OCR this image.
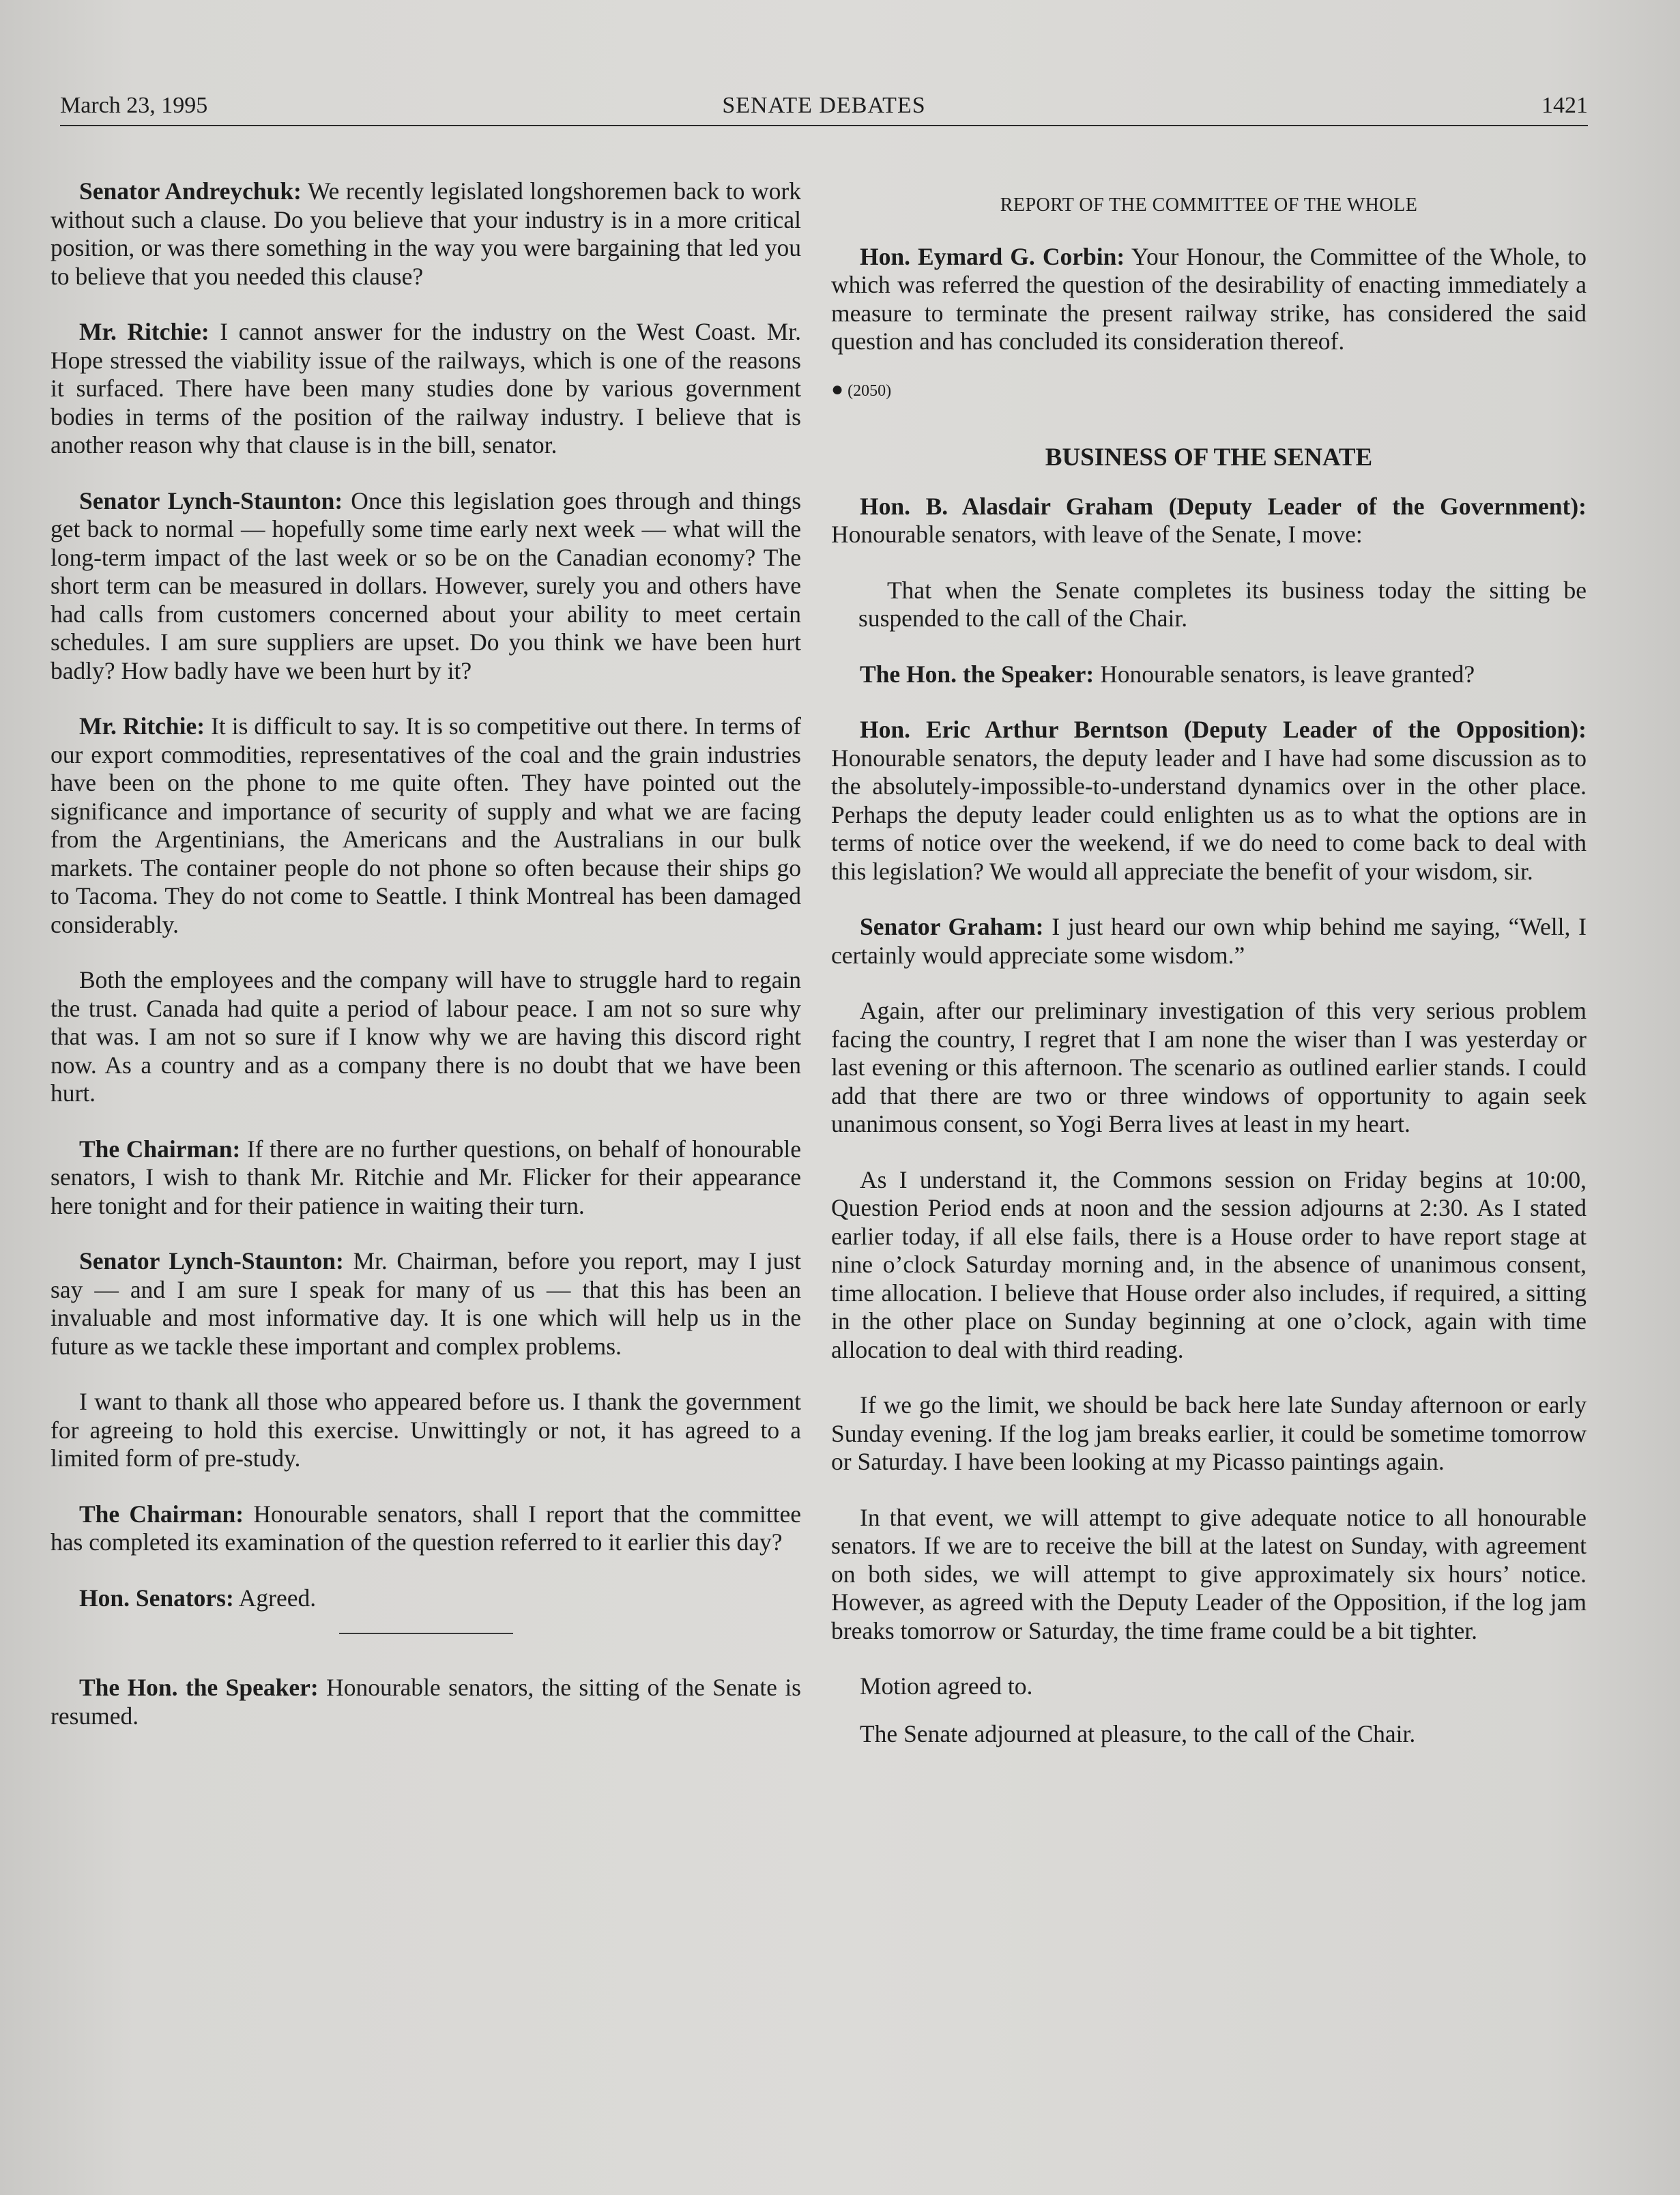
March 23, 1995	SENATE DEBATES	1421

Senator Andreychuk: We recently legislated longshoremen back to work without such a clause. Do you believe that your industry is in a more critical position, or was there something in the way you were bargaining that led you to believe that you needed this clause?

Mr. Ritchie: I cannot answer for the industry on the West Coast. Mr. Hope stressed the viability issue of the railways, which is one of the reasons it surfaced. There have been many studies done by various government bodies in terms of the position of the railway industry. I believe that is another reason why that clause is in the bill, senator.

Senator Lynch-Staunton: Once this legislation goes through and things get back to normal — hopefully some time early next week — what will the long-term impact of the last week or so be on the Canadian economy? The short term can be measured in dollars. However, surely you and others have had calls from customers concerned about your ability to meet certain schedules. I am sure suppliers are upset. Do you think we have been hurt badly? How badly have we been hurt by it?

Mr. Ritchie: It is difficult to say. It is so competitive out there. In terms of our export commodities, representatives of the coal and the grain industries have been on the phone to me quite often. They have pointed out the significance and importance of security of supply and what we are facing from the Argentinians, the Americans and the Australians in our bulk markets. The container people do not phone so often because their ships go to Tacoma. They do not come to Seattle. I think Montreal has been damaged considerably.

Both the employees and the company will have to struggle hard to regain the trust. Canada had quite a period of labour peace. I am not so sure why that was. I am not so sure if I know why we are having this discord right now. As a country and as a company there is no doubt that we have been hurt.

The Chairman: If there are no further questions, on behalf of honourable senators, I wish to thank Mr. Ritchie and Mr. Flicker for their appearance here tonight and for their patience in waiting their turn.

Senator Lynch-Staunton: Mr. Chairman, before you report, may I just say — and I am sure I speak for many of us — that this has been an invaluable and most informative day. It is one which will help us in the future as we tackle these important and complex problems.

I want to thank all those who appeared before us. I thank the government for agreeing to hold this exercise. Unwittingly or not, it has agreed to a limited form of pre-study.

The Chairman: Honourable senators, shall I report that the committee has completed its examination of the question referred to it earlier this day?

Hon. Senators: Agreed.

The Hon. the Speaker: Honourable senators, the sitting of the Senate is resumed.

REPORT OF THE COMMITTEE OF THE WHOLE

Hon. Eymard G. Corbin: Your Honour, the Committee of the Whole, to which was referred the question of the desirability of enacting immediately a measure to terminate the present railway strike, has considered the said question and has concluded its consideration thereof.

● (2050)
BUSINESS OF THE SENATE

Hon. B. Alasdair Graham (Deputy Leader of the Government): Honourable senators, with leave of the Senate, I move:

That when the Senate completes its business today the sitting be suspended to the call of the Chair.

The Hon. the Speaker: Honourable senators, is leave granted?

Hon. Eric Arthur Berntson (Deputy Leader of the Opposition): Honourable senators, the deputy leader and I have had some discussion as to the absolutely-impossible-to-understand dynamics over in the other place. Perhaps the deputy leader could enlighten us as to what the options are in terms of notice over the weekend, if we do need to come back to deal with this legislation? We would all appreciate the benefit of your wisdom, sir.

Senator Graham: I just heard our own whip behind me saying, “Well, I certainly would appreciate some wisdom.”

Again, after our preliminary investigation of this very serious problem facing the country, I regret that I am none the wiser than I was yesterday or last evening or this afternoon. The scenario as outlined earlier stands. I could add that there are two or three windows of opportunity to again seek unanimous consent, so Yogi Berra lives at least in my heart.

As I understand it, the Commons session on Friday begins at 10:00, Question Period ends at noon and the session adjourns at 2:30. As I stated earlier today, if all else fails, there is a House order to have report stage at nine o’clock Saturday morning and, in the absence of unanimous consent, time allocation. I believe that House order also includes, if required, a sitting in the other place on Sunday beginning at one o’clock, again with time allocation to deal with third reading.

If we go the limit, we should be back here late Sunday afternoon or early Sunday evening. If the log jam breaks earlier, it could be sometime tomorrow or Saturday. I have been looking at my Picasso paintings again.

In that event, we will attempt to give adequate notice to all honourable senators. If we are to receive the bill at the latest on Sunday, with agreement on both sides, we will attempt to give approximately six hours’ notice. However, as agreed with the Deputy Leader of the Opposition, if the log jam breaks tomorrow or Saturday, the time frame could be a bit tighter.

Motion agreed to.

The Senate adjourned at pleasure, to the call of the Chair.
